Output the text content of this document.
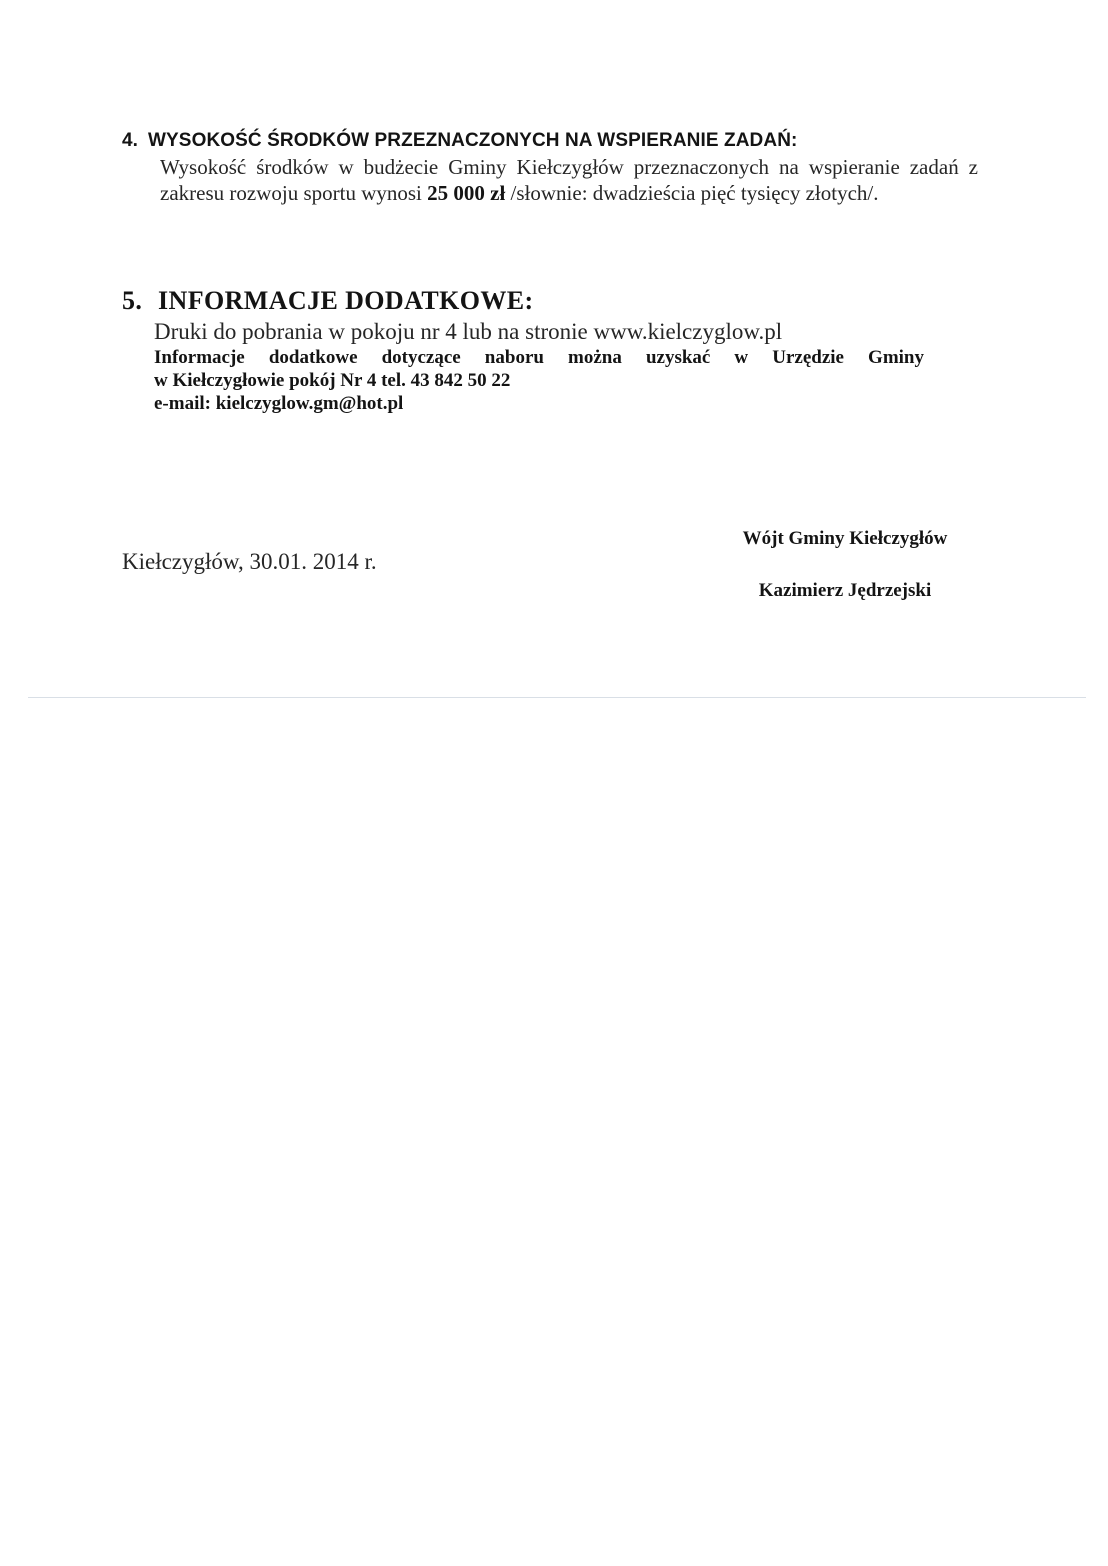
4. WYSOKOŚĆ ŚRODKÓW PRZEZNACZONYCH NA WSPIERANIE ZADAŃ:

Wysokość środków w budżecie Gminy Kiełczygłów przeznaczonych na wspieranie zadań z zakresu rozwoju sportu wynosi 25 000 zł /słownie: dwadzieścia pięć tysięcy złotych/.

5. INFORMACJE DODATKOWE:

Druki do pobrania w pokoju nr 4 lub na stronie www.kielczyglow.pl

Informacje dodatkowe dotyczące naboru można uzyskać w Urzędzie Gminy
w Kiełczygłowie pokój Nr 4 tel. 43 842 50 22

e-mail: kielczyglow.gm@hot.pl

Kiełczygłów, 30.01. 2014 r.

Wójt Gminy Kiełczygłów

Kazimierz Jędrzejski
